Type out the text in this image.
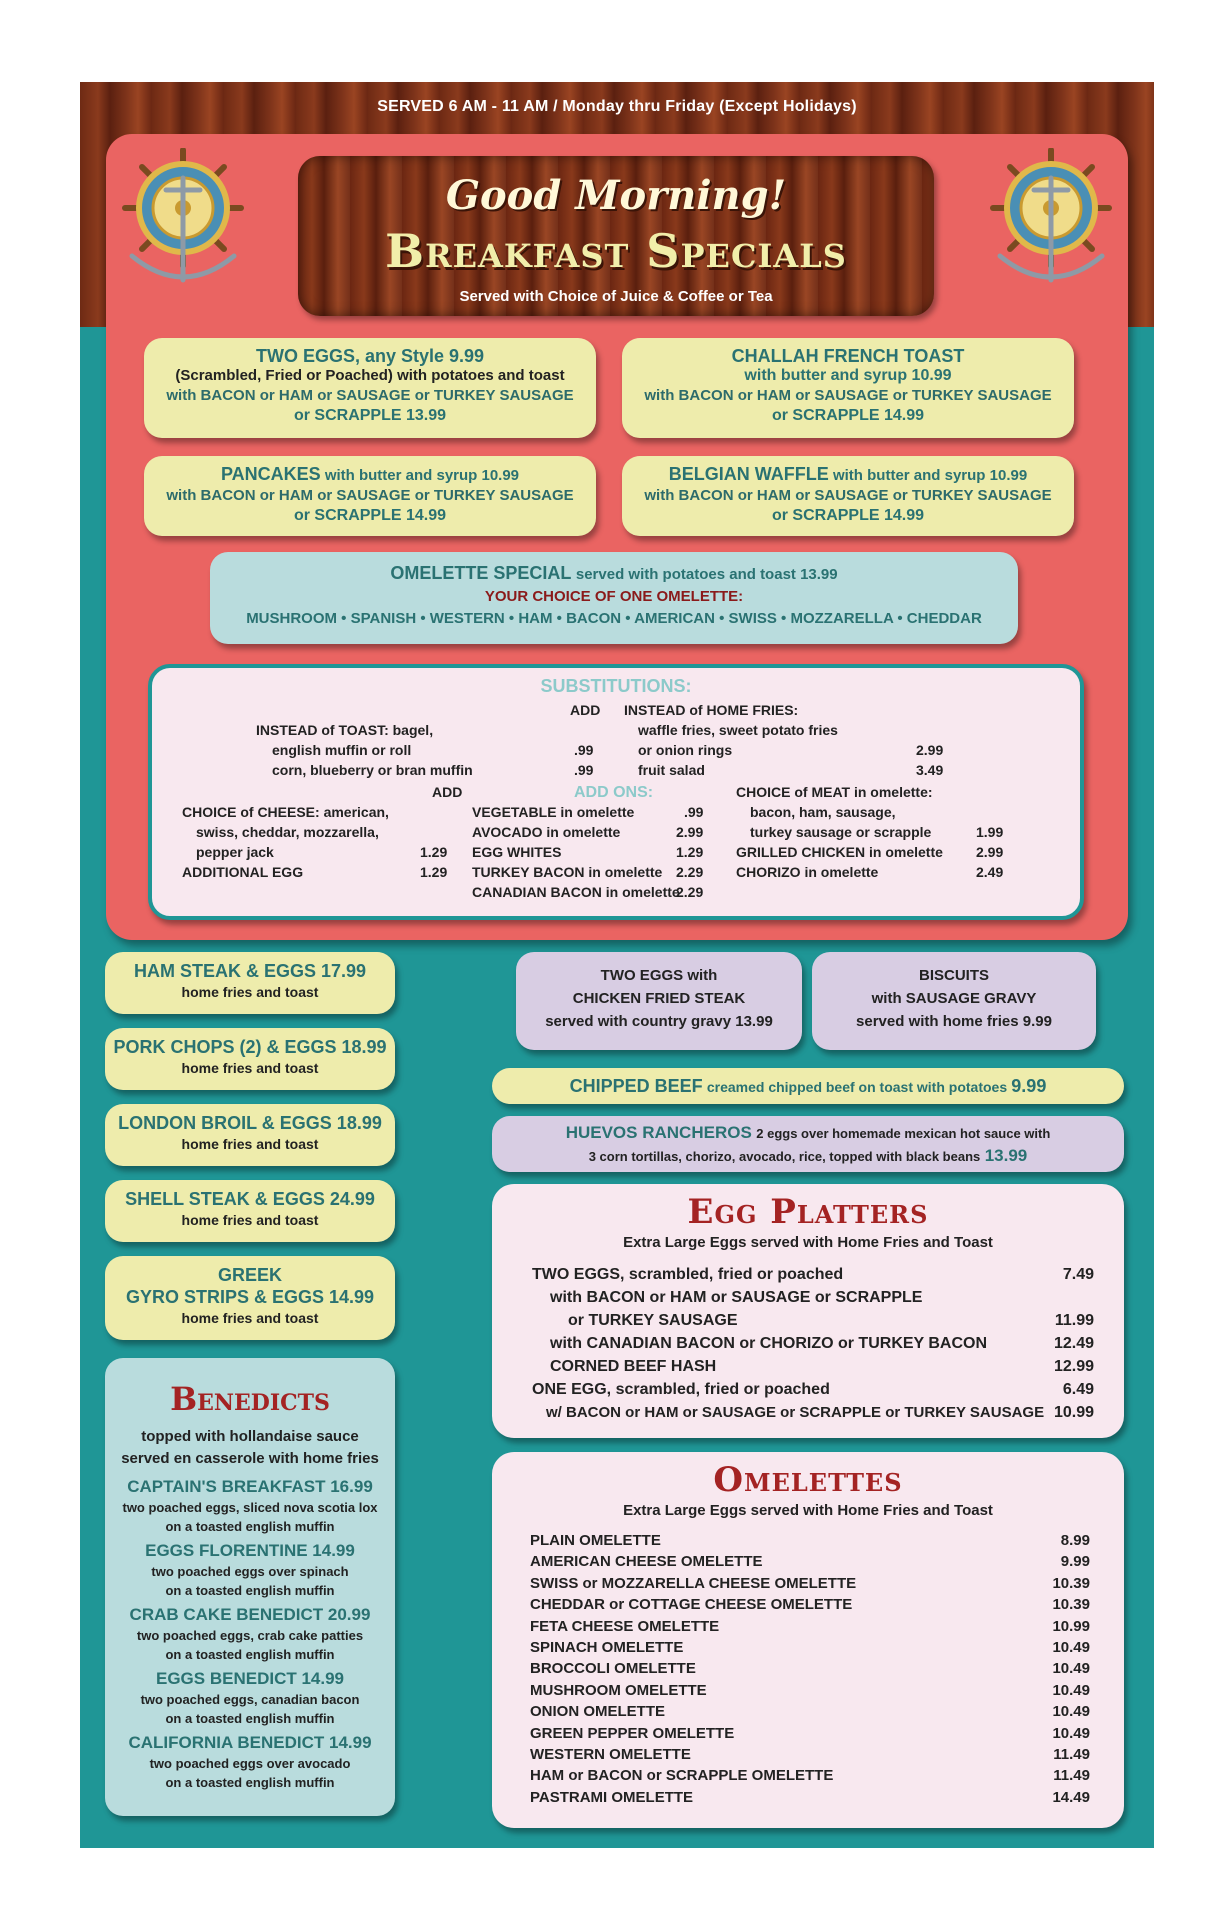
SERVED 6 AM - 11 AM / Monday thru Friday (Except Holidays)
Good Morning!
Breakfast Specials
Served with Choice of Juice & Coffee or Tea
TWO EGGS, any Style 9.99
(Scrambled, Fried or Poached) with potatoes and toast
with BACON or HAM or SAUSAGE or TURKEY SAUSAGE
or SCRAPPLE 13.99
CHALLAH FRENCH TOAST
with butter and syrup 10.99
with BACON or HAM or SAUSAGE or TURKEY SAUSAGE
or SCRAPPLE 14.99
PANCAKES with butter and syrup 10.99
with BACON or HAM or SAUSAGE or TURKEY SAUSAGE
or SCRAPPLE 14.99
BELGIAN WAFFLE with butter and syrup 10.99
with BACON or HAM or SAUSAGE or TURKEY SAUSAGE
or SCRAPPLE 14.99
OMELETTE SPECIAL served with potatoes and toast 13.99
YOUR CHOICE OF ONE OMELETTE:
MUSHROOM • SPANISH • WESTERN • HAM • BACON • AMERICAN • SWISS • MOZZARELLA • CHEDDAR
SUBSTITUTIONS:
ADD
INSTEAD of TOAST: bagel,
english muffin or roll	.99
corn, blueberry or bran muffin	.99
INSTEAD of HOME FRIES:
waffle fries, sweet potato fries
or onion rings	2.99
fruit salad	3.49
ADD ONS:
ADD
CHOICE of CHEESE: american,
swiss, cheddar, mozzarella,
pepper jack	1.29
ADDITIONAL EGG	1.29
VEGETABLE in omelette	.99
AVOCADO in omelette	2.99
EGG WHITES	1.29
TURKEY BACON in omelette 2.29
CANADIAN BACON in omelette
2.29
CHOICE of MEAT in omelette:
bacon, ham, sausage,
turkey sausage or scrapple	1.99
GRILLED CHICKEN in omelette 2.99
CHORIZO in omelette	2.49
HAM STEAK & EGGS 17.99
home fries and toast
PORK CHOPS (2) & EGGS 18.99
home fries and toast
LONDON BROIL & EGGS 18.99
home fries and toast
SHELL STEAK & EGGS 24.99
home fries and toast
GREEK
GYRO STRIPS & EGGS 14.99
home fries and toast
Benedicts
topped with hollandaise sauce
served en casserole with home fries
CAPTAIN'S BREAKFAST 16.99
two poached eggs, sliced nova scotia lox
on a toasted english muffin
EGGS FLORENTINE 14.99
two poached eggs over spinach
on a toasted english muffin
CRAB CAKE BENEDICT 20.99
two poached eggs, crab cake patties
on a toasted english muffin
EGGS BENEDICT 14.99
two poached eggs, canadian bacon
on a toasted english muffin
CALIFORNIA BENEDICT 14.99
two poached eggs over avocado
on a toasted english muffin
TWO EGGS with
CHICKEN FRIED STEAK
served with country gravy 13.99
BISCUITS
with SAUSAGE GRAVY
served with home fries 9.99
CHIPPED BEEF creamed chipped beef on toast with potatoes 9.99
HUEVOS RANCHEROS 2 eggs over homemade mexican hot sauce with
3 corn tortillas, chorizo, avocado, rice, topped with black beans 13.99
Egg Platters
Extra Large Eggs served with Home Fries and Toast
TWO EGGS, scrambled, fried or poached	7.49
with BACON or HAM or SAUSAGE or SCRAPPLE
or TURKEY SAUSAGE	11.99
with CANADIAN BACON or CHORIZO or TURKEY BACON	12.49
CORNED BEEF HASH	12.99
ONE EGG, scrambled, fried or poached	6.49
w/ BACON or HAM or SAUSAGE or SCRAPPLE or TURKEY SAUSAGE 10.99
Omelettes
Extra Large Eggs served with Home Fries and Toast
PLAIN OMELETTE	8.99
AMERICAN CHEESE OMELETTE	9.99
SWISS or MOZZARELLA CHEESE OMELETTE	10.39
CHEDDAR or COTTAGE CHEESE OMELETTE	10.39
FETA CHEESE OMELETTE	10.99
SPINACH OMELETTE	10.49
BROCCOLI OMELETTE	10.49
MUSHROOM OMELETTE	10.49
ONION OMELETTE	10.49
GREEN PEPPER OMELETTE	10.49
WESTERN OMELETTE	11.49
HAM or BACON or SCRAPPLE OMELETTE	11.49
PASTRAMI OMELETTE	14.49
